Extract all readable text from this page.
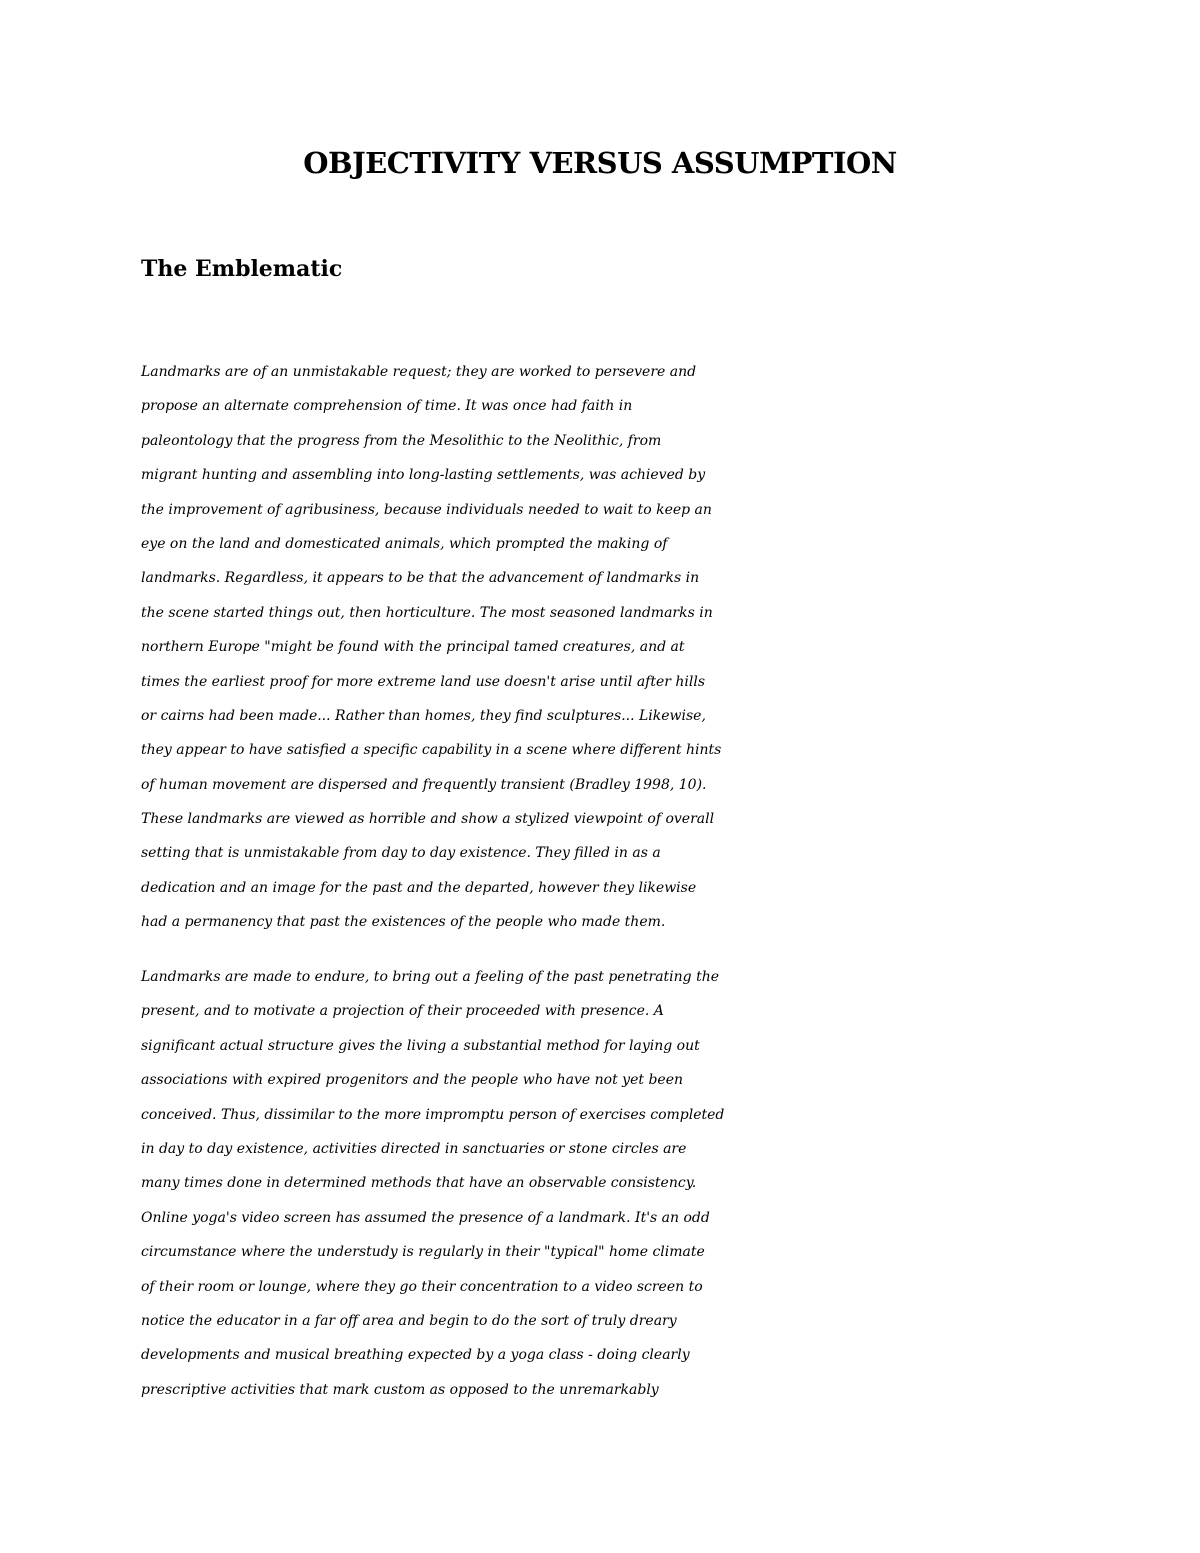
OBJECTIVITY VERSUS ASSUMPTION
The Emblematic
Landmarks are of an unmistakable request; they are worked to persevere and
propose an alternate comprehension of time. It was once had faith in
paleontology that the progress from the Mesolithic to the Neolithic, from
migrant hunting and assembling into long-lasting settlements, was achieved by
the improvement of agribusiness, because individuals needed to wait to keep an
eye on the land and domesticated animals, which prompted the making of
landmarks. Regardless, it appears to be that the advancement of landmarks in
the scene started things out, then horticulture. The most seasoned landmarks in
northern Europe "might be found with the principal tamed creatures, and at
times the earliest proof for more extreme land use doesn't arise until after hills
or cairns had been made... Rather than homes, they find sculptures... Likewise,
they appear to have satisfied a specific capability in a scene where different hints
of human movement are dispersed and frequently transient (Bradley 1998, 10).
These landmarks are viewed as horrible and show a stylized viewpoint of overall
setting that is unmistakable from day to day existence. They filled in as a
dedication and an image for the past and the departed, however they likewise
had a permanency that past the existences of the people who made them.
Landmarks are made to endure, to bring out a feeling of the past penetrating the
present, and to motivate a projection of their proceeded with presence. A
significant actual structure gives the living a substantial method for laying out
associations with expired progenitors and the people who have not yet been
conceived. Thus, dissimilar to the more impromptu person of exercises completed
in day to day existence, activities directed in sanctuaries or stone circles are
many times done in determined methods that have an observable consistency.
Online yoga's video screen has assumed the presence of a landmark. It's an odd
circumstance where the understudy is regularly in their "typical" home climate
of their room or lounge, where they go their concentration to a video screen to
notice the educator in a far off area and begin to do the sort of truly dreary
developments and musical breathing expected by a yoga class - doing clearly
prescriptive activities that mark custom as opposed to the unremarkably
